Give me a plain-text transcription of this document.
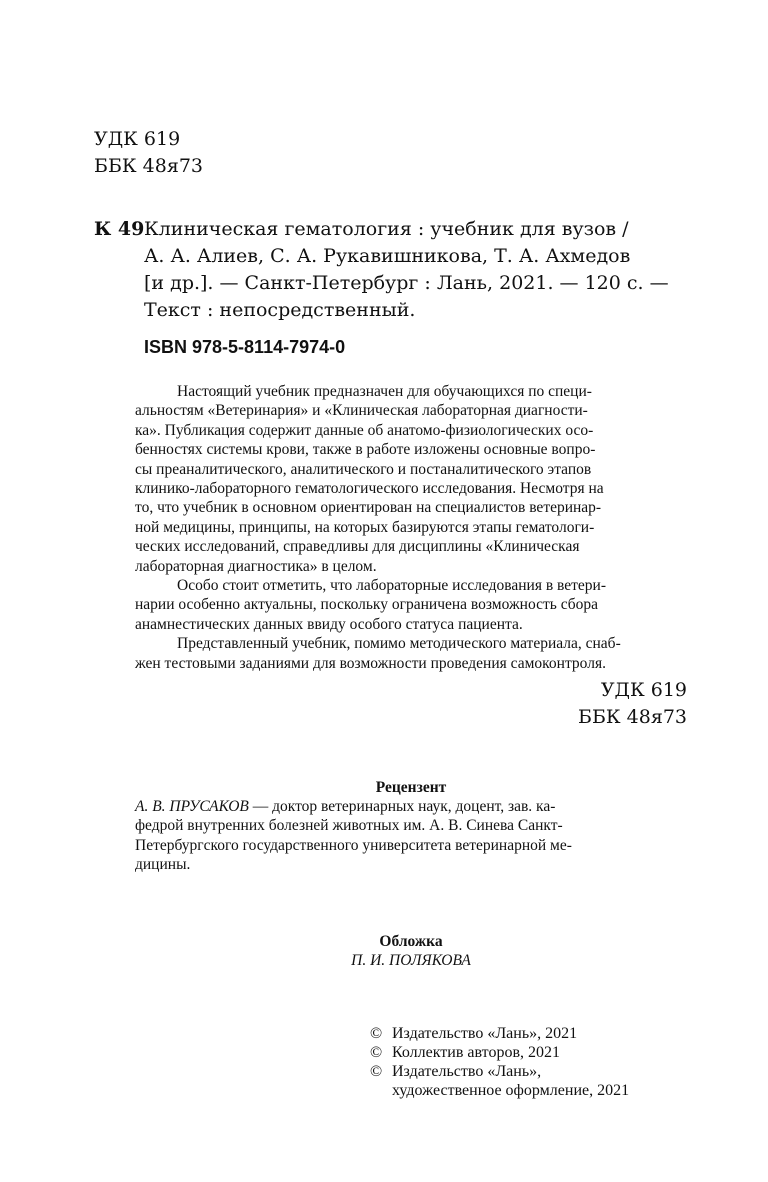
УДК 619
ББК 48я73
К 49 Клиническая гематология : учебник для вузов /

А. А. Алиев, С. А. Рукавишникова, Т. А. Ахмедов

[и др.]. — Санкт-Петербург : Лань, 2021. — 120 с. —

Текст : непосредственный.

ISBN 978-5-8114-7974-0

Настоящий учебник предназначен для обучающихся по специ-

альностям «Ветеринария» и «Клиническая лабораторная диагности-

ка». Публикация содержит данные об анатомо-физиологических осо-

бенностях системы крови, также в работе изложены основные вопро-

сы преаналитического, аналитического и постаналитического этапов

клинико-лабораторного гематологического исследования. Несмотря на

то, что учебник в основном ориентирован на специалистов ветеринар-

ной медицины, принципы, на которых базируются этапы гематологи-

ческих исследований, справедливы для дисциплины «Клиническая

лабораторная диагностика» в целом.

Особо стоит отметить, что лабораторные исследования в ветери-

нарии особенно актуальны, поскольку ограничена возможность сбора

анамнестических данных ввиду особого статуса пациента.

Представленный учебник, помимо методического материала, снаб-

жен тестовыми заданиями для возможности проведения самоконтроля.

УДК 619
ББК 48я73
Рецензент

А. В. ПРУСАКОВ — доктор ветеринарных наук, доцент, зав. ка-

федрой внутренних болезней животных им. А. В. Синева Санкт-

Петербургского государственного университета ветеринарной ме-

дицины.

Обложка
П. И. ПОЛЯКОВА
© Издательство «Лань», 2021
© Коллектив авторов, 2021
© Издательство «Лань»,
художественное оформление, 2021
